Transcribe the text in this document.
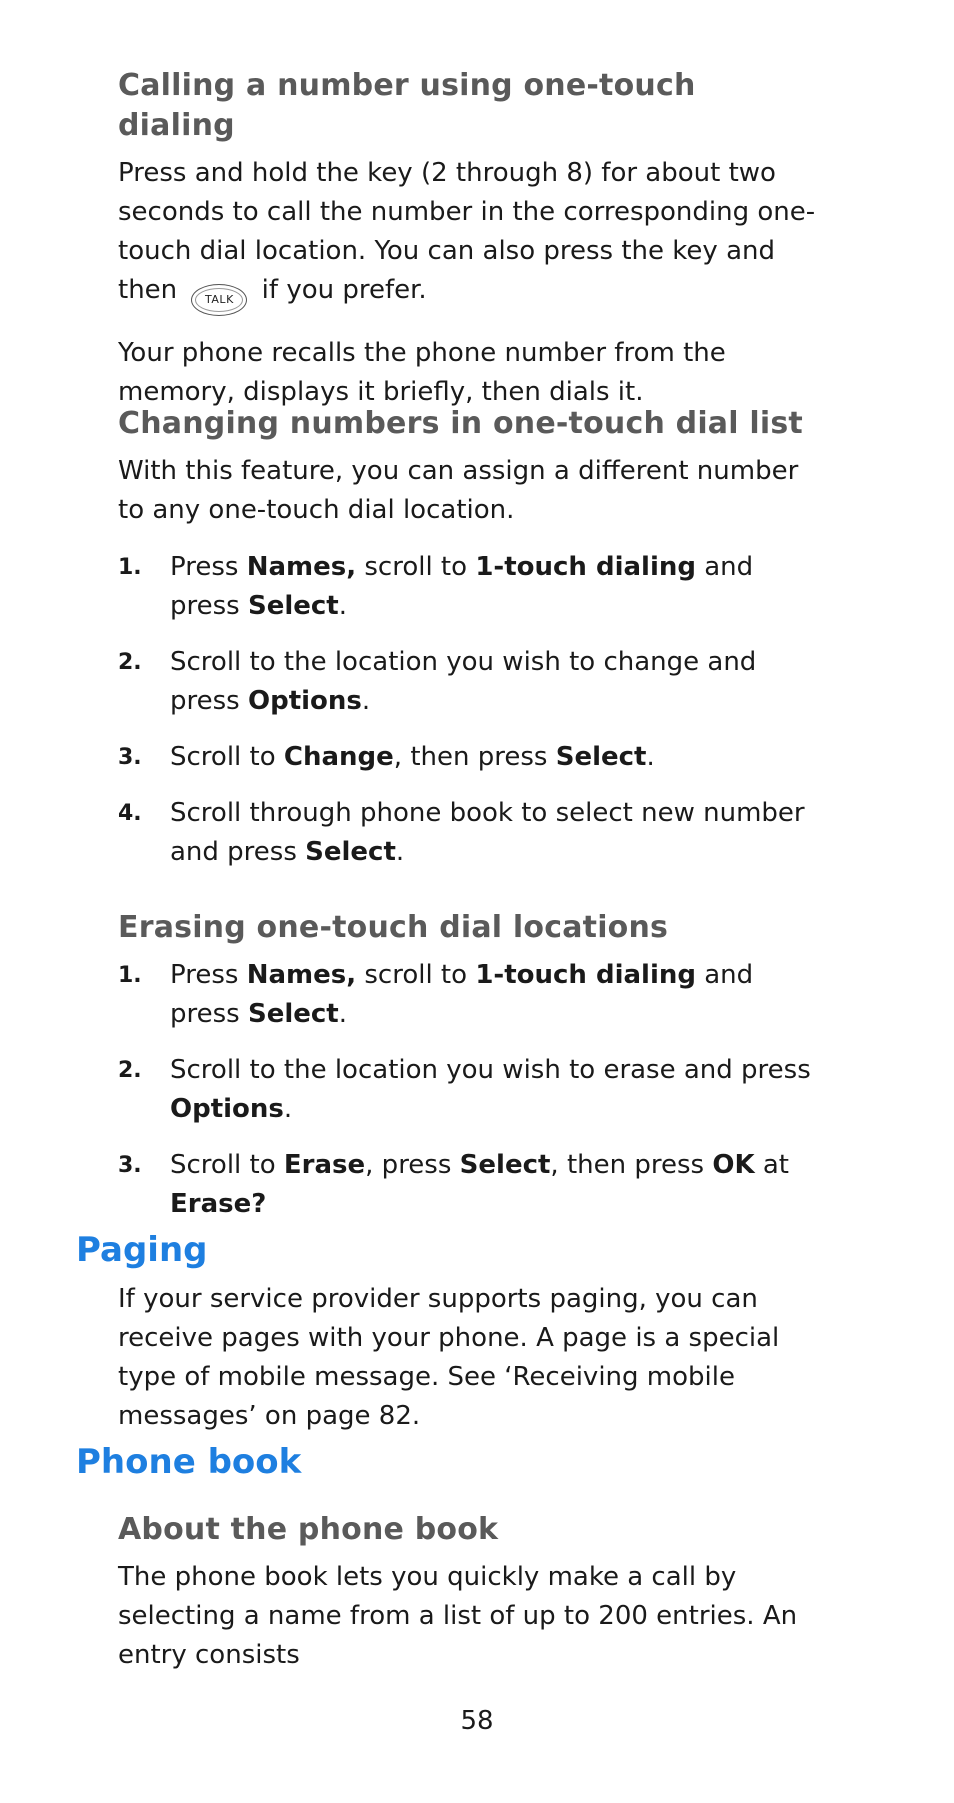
Calling a number using one-touch dialing

Press and hold the key (2 through 8) for about two seconds to call the number in the corresponding one-touch dial location. You can also press the key and then TALK if you prefer.

Your phone recalls the phone number from the memory, displays it briefly, then dials it.

Changing numbers in one-touch dial list

With this feature, you can assign a different number to any one-touch dial location.

1.	Press Names, scroll to 1-touch dialing and press Select.
2.	Scroll to the location you wish to change and press Options.
3.	Scroll to Change, then press Select.
4.	Scroll through phone book to select new number and press Select.
Erasing one-touch dial locations
1.	Press Names, scroll to 1-touch dialing and press Select.
2.	Scroll to the location you wish to erase and press Options.
3.	Scroll to Erase, press Select, then press OK at Erase?
Paging

If your service provider supports paging, you can receive pages with your phone. A page is a special type of mobile message. See ‘Receiving mobile messages’ on page 82.

Phone book
About the phone book

The phone book lets you quickly make a call by selecting a name from a list of up to 200 entries. An entry consists

58
